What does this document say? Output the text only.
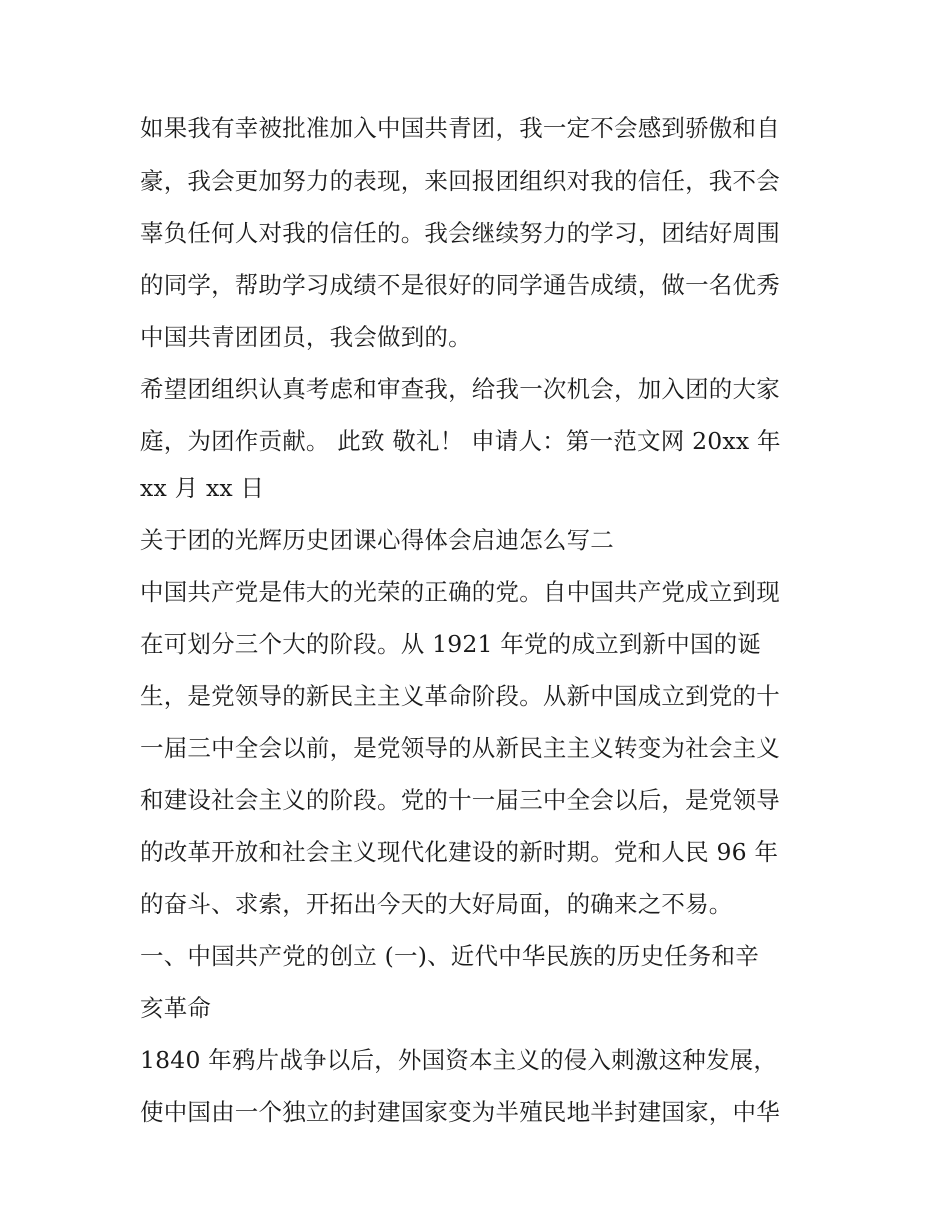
如果我有幸被批准加入中国共青团，我一定不会感到骄傲和自
豪，我会更加努力的表现，来回报团组织对我的信任，我不会
辜负任何人对我的信任的。我会继续努力的学习，团结好周围
的同学，帮助学习成绩不是很好的同学通告成绩，做一名优秀
中国共青团团员，我会做到的。
希望团组织认真考虑和审查我，给我一次机会，加入团的大家
庭，为团作贡献。 此致 敬礼！ 申请人：第一范文网 20xx 年
xx 月 xx 日
关于团的光辉历史团课心得体会启迪怎么写二
中国共产党是伟大的光荣的正确的党。自中国共产党成立到现
在可划分三个大的阶段。从 1921 年党的成立到新中国的诞
生，是党领导的新民主主义革命阶段。从新中国成立到党的十
一届三中全会以前，是党领导的从新民主主义转变为社会主义
和建设社会主义的阶段。党的十一届三中全会以后，是党领导
的改革开放和社会主义现代化建设的新时期。党和人民 96 年
的奋斗、求索，开拓出今天的大好局面，的确来之不易。
一、中国共产党的创立 (一)、近代中华民族的历史任务和辛
亥革命
1840 年鸦片战争以后，外国资本主义的侵入刺激这种发展，
使中国由一个独立的封建国家变为半殖民地半封建国家，中华
